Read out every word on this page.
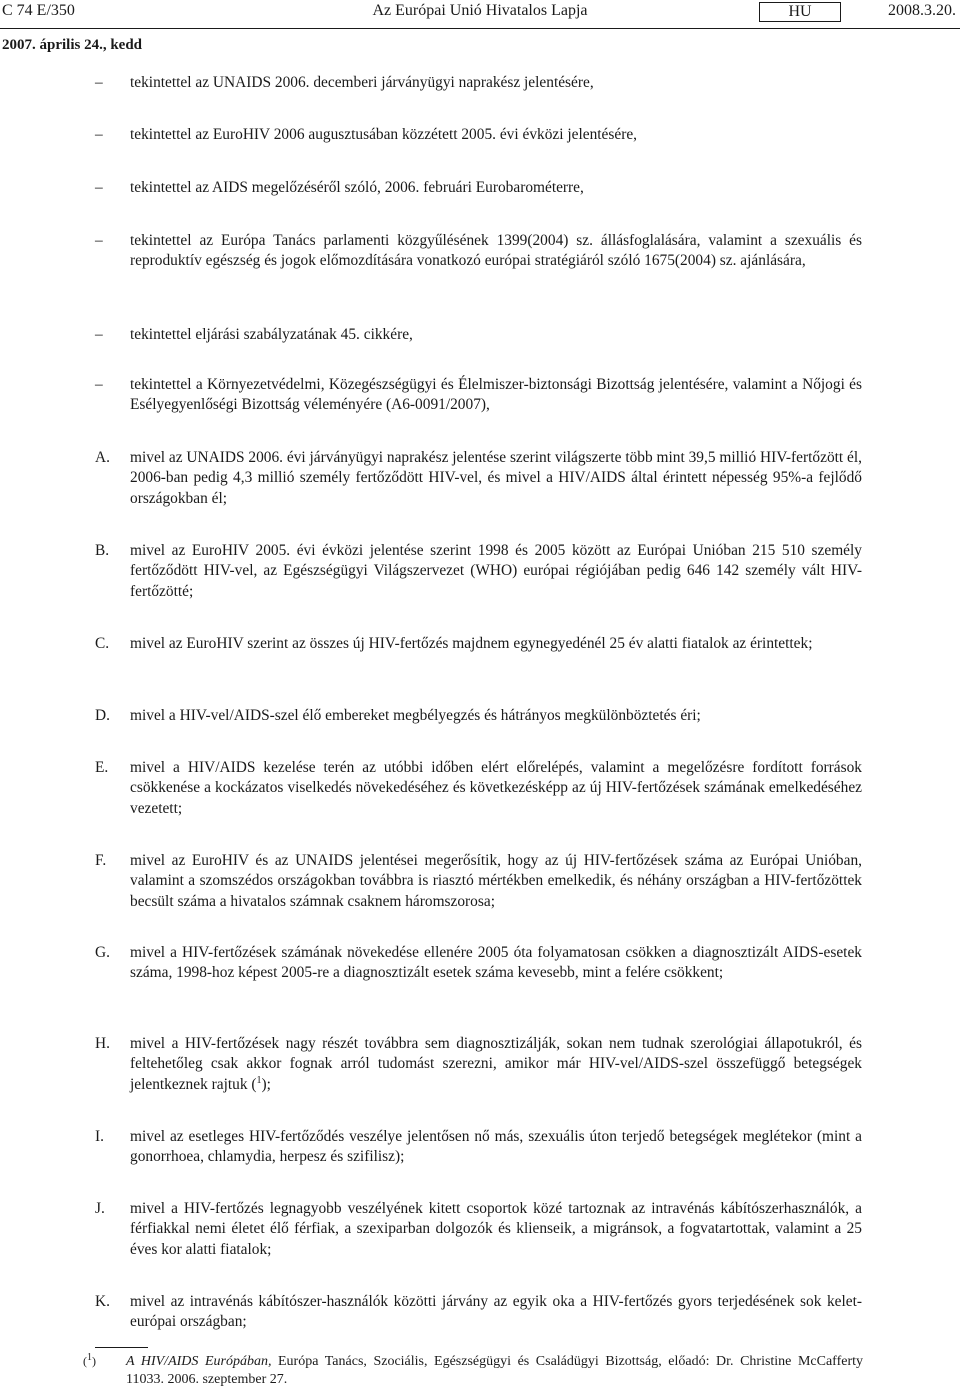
C 74 E/350	Az Európai Unió Hivatalos Lapja	HU	2008.3.20.
2007. április 24., kedd
–	tekintettel az UNAIDS 2006. decemberi járványügyi naprakész jelentésére,
–	tekintettel az EuroHIV 2006 augusztusában közzétett 2005. évi évközi jelentésére,
–	tekintettel az AIDS megelőzéséről szóló, 2006. februári Eurobarométerre,
–	tekintettel az Európa Tanács parlamenti közgyűlésének 1399(2004) sz. állásfoglalására, valamint a szexuális és reproduktív egészség és jogok előmozdítására vonatkozó európai stratégiáról szóló 1675(2004) sz. ajánlására,
–	tekintettel eljárási szabályzatának 45. cikkére,
–	tekintettel a Környezetvédelmi, Közegészségügyi és Élelmiszer-biztonsági Bizottság jelentésére, valamint a Nőjogi és Esélyegyenlőségi Bizottság véleményére (A6-0091/2007),
A.	mivel az UNAIDS 2006. évi járványügyi naprakész jelentése szerint világszerte több mint 39,5 millió HIV-fertőzött él, 2006-ban pedig 4,3 millió személy fertőződött HIV-vel, és mivel a HIV/AIDS által érintett népesség 95%-a fejlődő országokban él;
B.	mivel az EuroHIV 2005. évi évközi jelentése szerint 1998 és 2005 között az Európai Unióban 215 510 személy fertőződött HIV-vel, az Egészségügyi Világszervezet (WHO) európai régiójában pedig 646 142 személy vált HIV-fertőzötté;
C.	mivel az EuroHIV szerint az összes új HIV-fertőzés majdnem egynegyedénél 25 év alatti fiatalok az érintettek;
D.	mivel a HIV-vel/AIDS-szel élő embereket megbélyegzés és hátrányos megkülönböztetés éri;
E.	mivel a HIV/AIDS kezelése terén az utóbbi időben elért előrelépés, valamint a megelőzésre fordított források csökkenése a kockázatos viselkedés növekedéséhez és következésképp az új HIV-fertőzések számának emelkedéséhez vezetett;
F.	mivel az EuroHIV és az UNAIDS jelentései megerősítik, hogy az új HIV-fertőzések száma az Európai Unióban, valamint a szomszédos országokban továbbra is riasztó mértékben emelkedik, és néhány országban a HIV-fertőzöttek becsült száma a hivatalos számnak csaknem háromszorosa;
G.	mivel a HIV-fertőzések számának növekedése ellenére 2005 óta folyamatosan csökken a diagnosztizált AIDS-esetek száma, 1998-hoz képest 2005-re a diagnosztizált esetek száma kevesebb, mint a felére csökkent;
H.	mivel a HIV-fertőzések nagy részét továbbra sem diagnosztizálják, sokan nem tudnak szerológiai állapotukról, és feltehetőleg csak akkor fognak arról tudomást szerezni, amikor már HIV-vel/AIDS-szel összefüggő betegségek jelentkeznek rajtuk ($^1$);
I.	mivel az esetleges HIV-fertőződés veszélye jelentősen nő más, szexuális úton terjedő betegségek meglétekor (mint a gonorrhoea, chlamydia, herpesz és szifilisz);
J.	mivel a HIV-fertőzés legnagyobb veszélyének kitett csoportok közé tartoznak az intravénás kábítószerhasználók, a férfiakkal nemi életet élő férfiak, a szexiparban dolgozók és klienseik, a migránsok, a fogvatartottak, valamint a 25 éves kor alatti fiatalok;
K.	mivel az intravénás kábítószer-használók közötti járvány az egyik oka a HIV-fertőzés gyors terjedésének sok kelet-európai országban;
($^1$) A HIV/AIDS Európában, Európa Tanács, Szociális, Egészségügyi és Családügyi Bizottság, előadó: Dr. Christine McCafferty 11033. 2006. szeptember 27.
